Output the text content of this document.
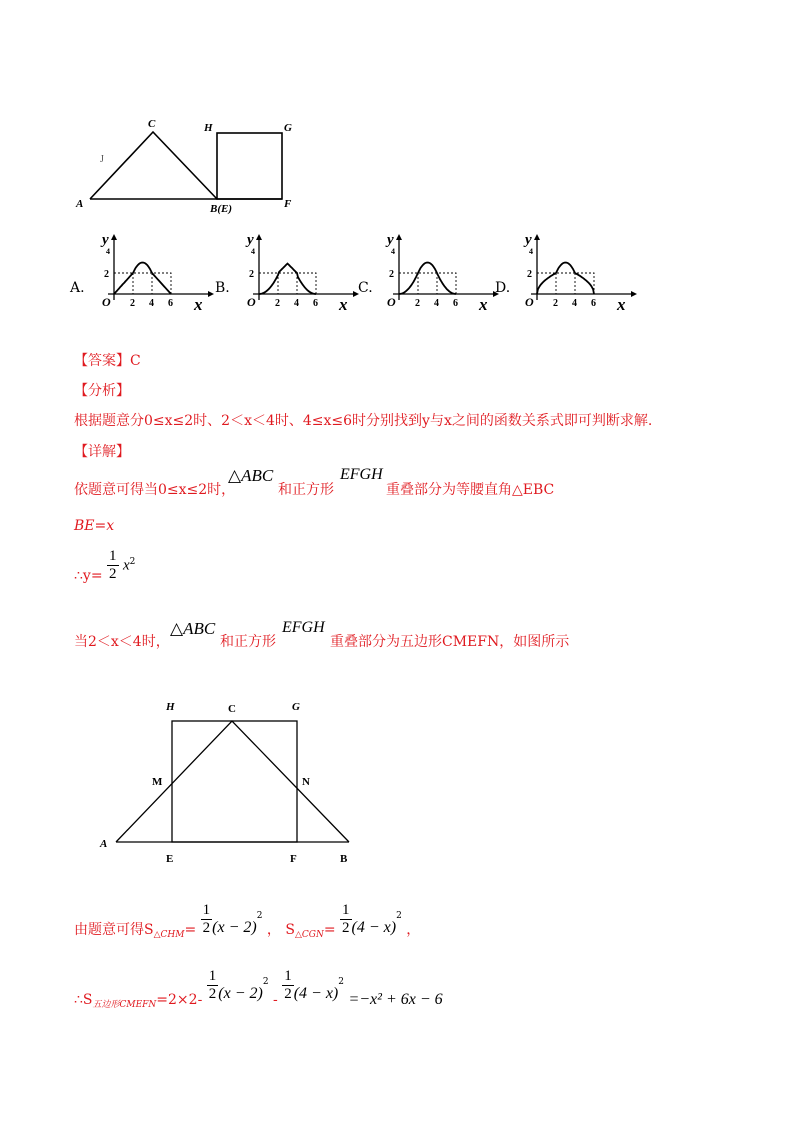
A
C
B(E)
H	G
F
J
A.
y
4
2
O 2 4 6 x
B.
y
4
2
O 2 4 6 x
C.
y
4
2
O 2 4 6 x
D.
y
4
2
O 2 4 6 x
【答案】C
【分析】
根据题意分0≤x≤2时、2＜x＜4时、4≤x≤6时分别找到y与x之间的函数关系式即可判断求解.
【详解】
依题意可得当0≤x≤2时，
△ABC
和正方形
EFGH
重叠部分为等腰直角△EBC
BE=x
∴y= $\frac{1}{2} x^2$
当2＜x＜4时，
△ABC
和正方形
EFGH
重叠部分为五边形CMEFN，如图所示
H	C	G
M	N
A
E	F	B
由题意可得$S_{\triangle CHM}= \frac{1}{2} (x - 2)^2$ ， $S_{\triangle CGN}= \frac{1}{2} (4 - x)^2$ ，
$\therefore S_{五边形CMEFN}=2\times 2- \frac{1}{2} (x - 2)^2 - \frac{1}{2} (4 - x)^2 =-x^2 + 6x - 6$
